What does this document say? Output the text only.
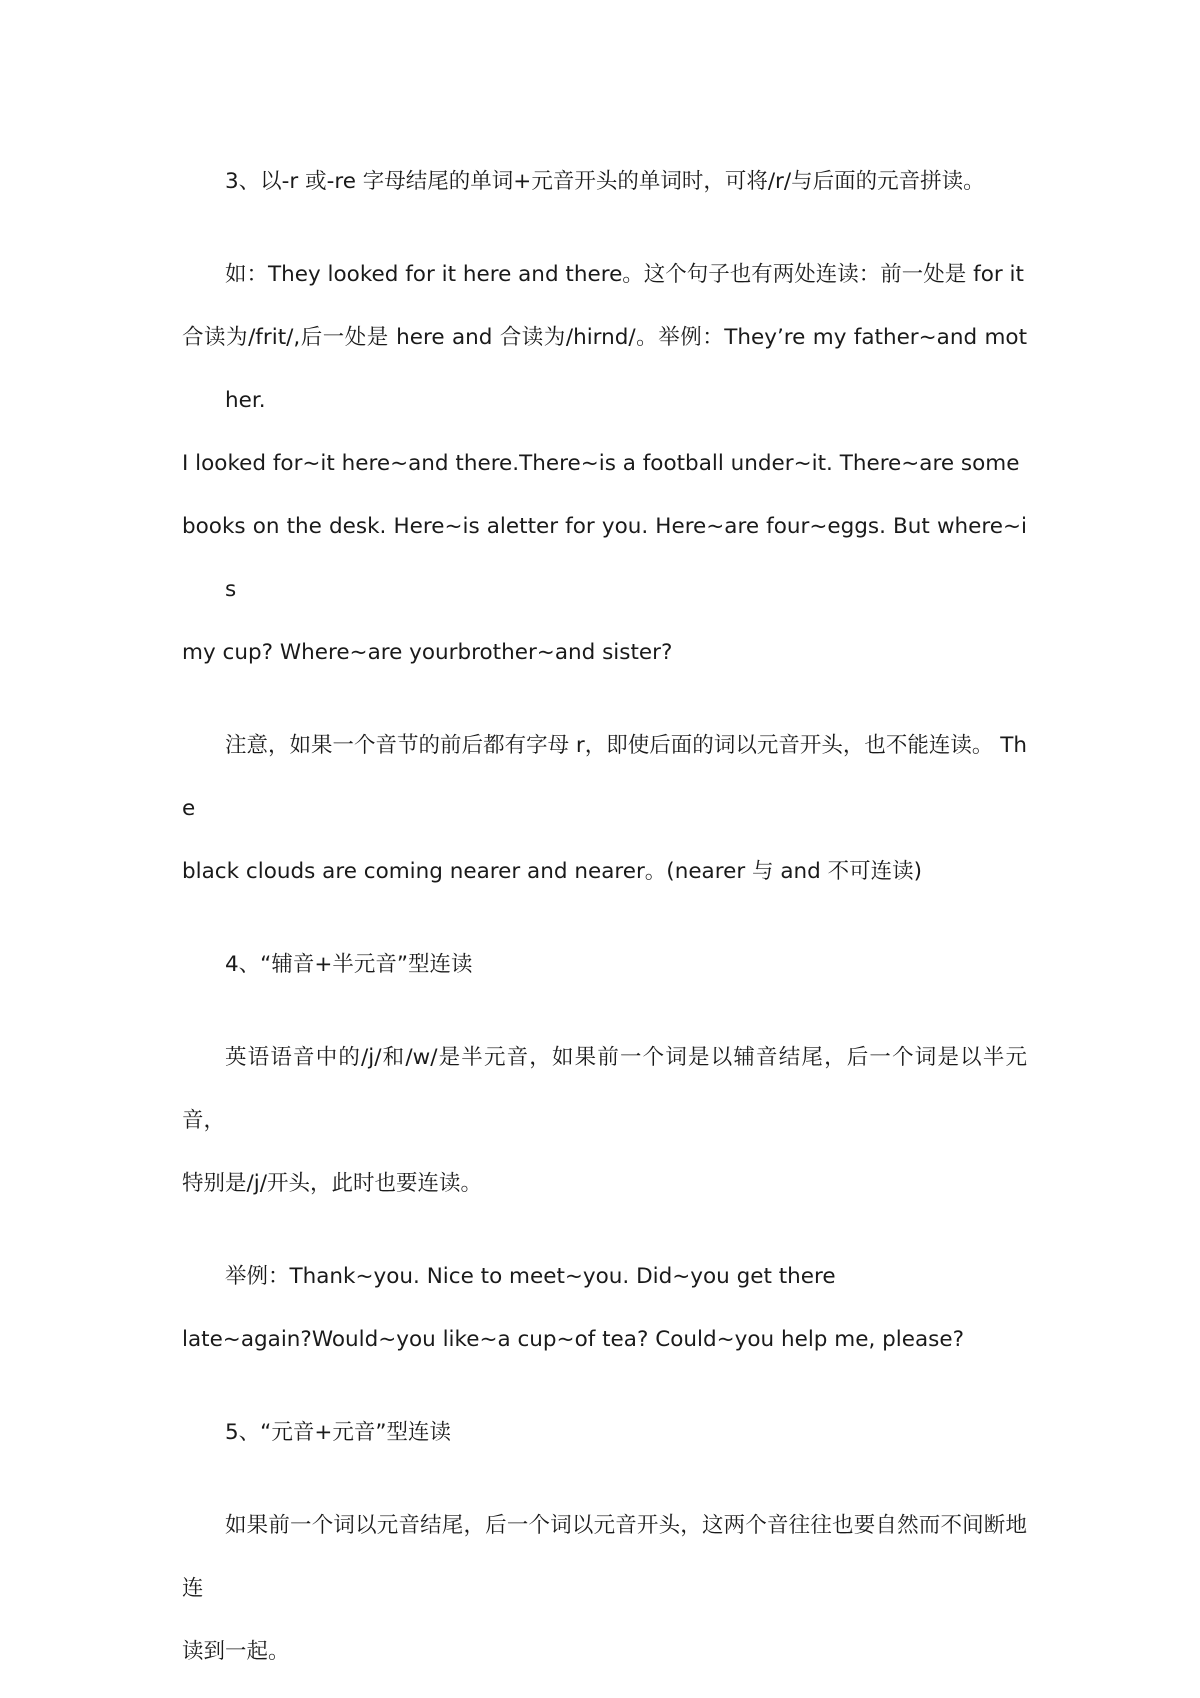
3、以-r 或-re 字母结尾的单词+元音开头的单词时，可将/r/与后面的元音拼读。

如：They looked for it here and there。这个句子也有两处连读：前一处是 for it
合读为/frit/,后一处是 here and 合读为/hirnd/。举例：They’re my father~and mother.
I looked for~it here~and there.There~is a football under~it. There~are some
books on the desk. Here~is aletter for you. Here~are four~eggs. But where~is
my cup? Where~are yourbrother~and sister?

注意，如果一个音节的前后都有字母 r，即使后面的词以元音开头，也不能连读。 The
black clouds are coming nearer and nearer。(nearer 与 and 不可连读)

4、“辅音+半元音”型连读

英语语音中的/j/和/w/是半元音，如果前一个词是以辅音结尾，后一个词是以半元音，
特别是/j/开头，此时也要连读。

举例：Thank~you. Nice to meet~you. Did~you get there
late~again?Would~you like~a cup~of tea? Could~you help me, please?

5、“元音+元音”型连读

如果前一个词以元音结尾，后一个词以元音开头，这两个音往往也要自然而不间断地连
读到一起。
